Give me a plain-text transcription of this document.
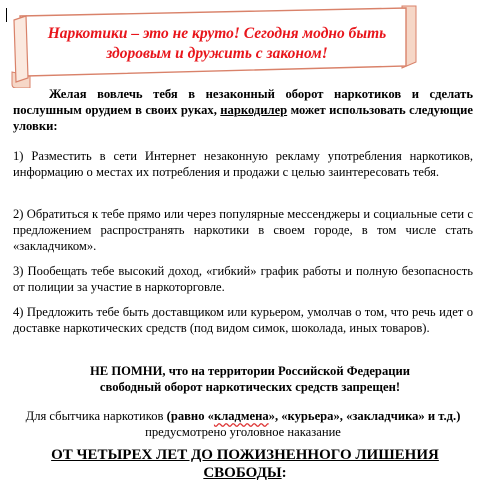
Наркотики – это не круто! Сегодня модно быть
здоровым и дружить с законом!
Желая вовлечь тебя в незаконный оборот наркотиков и сделать послушным орудием в своих руках, наркодилер может использовать следующие уловки:
1) Разместить в сети Интернет незаконную рекламу употребления наркотиков, информацию о местах их потребления и продажи с целью заинтересовать тебя.
2) Обратиться к тебе прямо или через популярные мессенджеры и социальные сети с предложением распространять наркотики в своем городе, в том числе стать «закладчиком».
3) Пообещать тебе высокий доход, «гибкий» график работы и полную безопасность от полиции за участие в наркоторговле.
4) Предложить тебе быть доставщиком или курьером, умолчав о том, что речь идет о доставке наркотических средств (под видом симок, шоколада, иных товаров).
НЕ ПОМНИ, что на территории Российской Федерации
свободный оборот наркотических средств запрещен!
Для сбытчика наркотиков (равно «кладмена», «курьера», «закладчика» и т.д.) предусмотрено уголовное наказание
ОТ ЧЕТЫРЕХ ЛЕТ ДО ПОЖИЗНЕННОГО ЛИШЕНИЯ
СВОБОДЫ:
